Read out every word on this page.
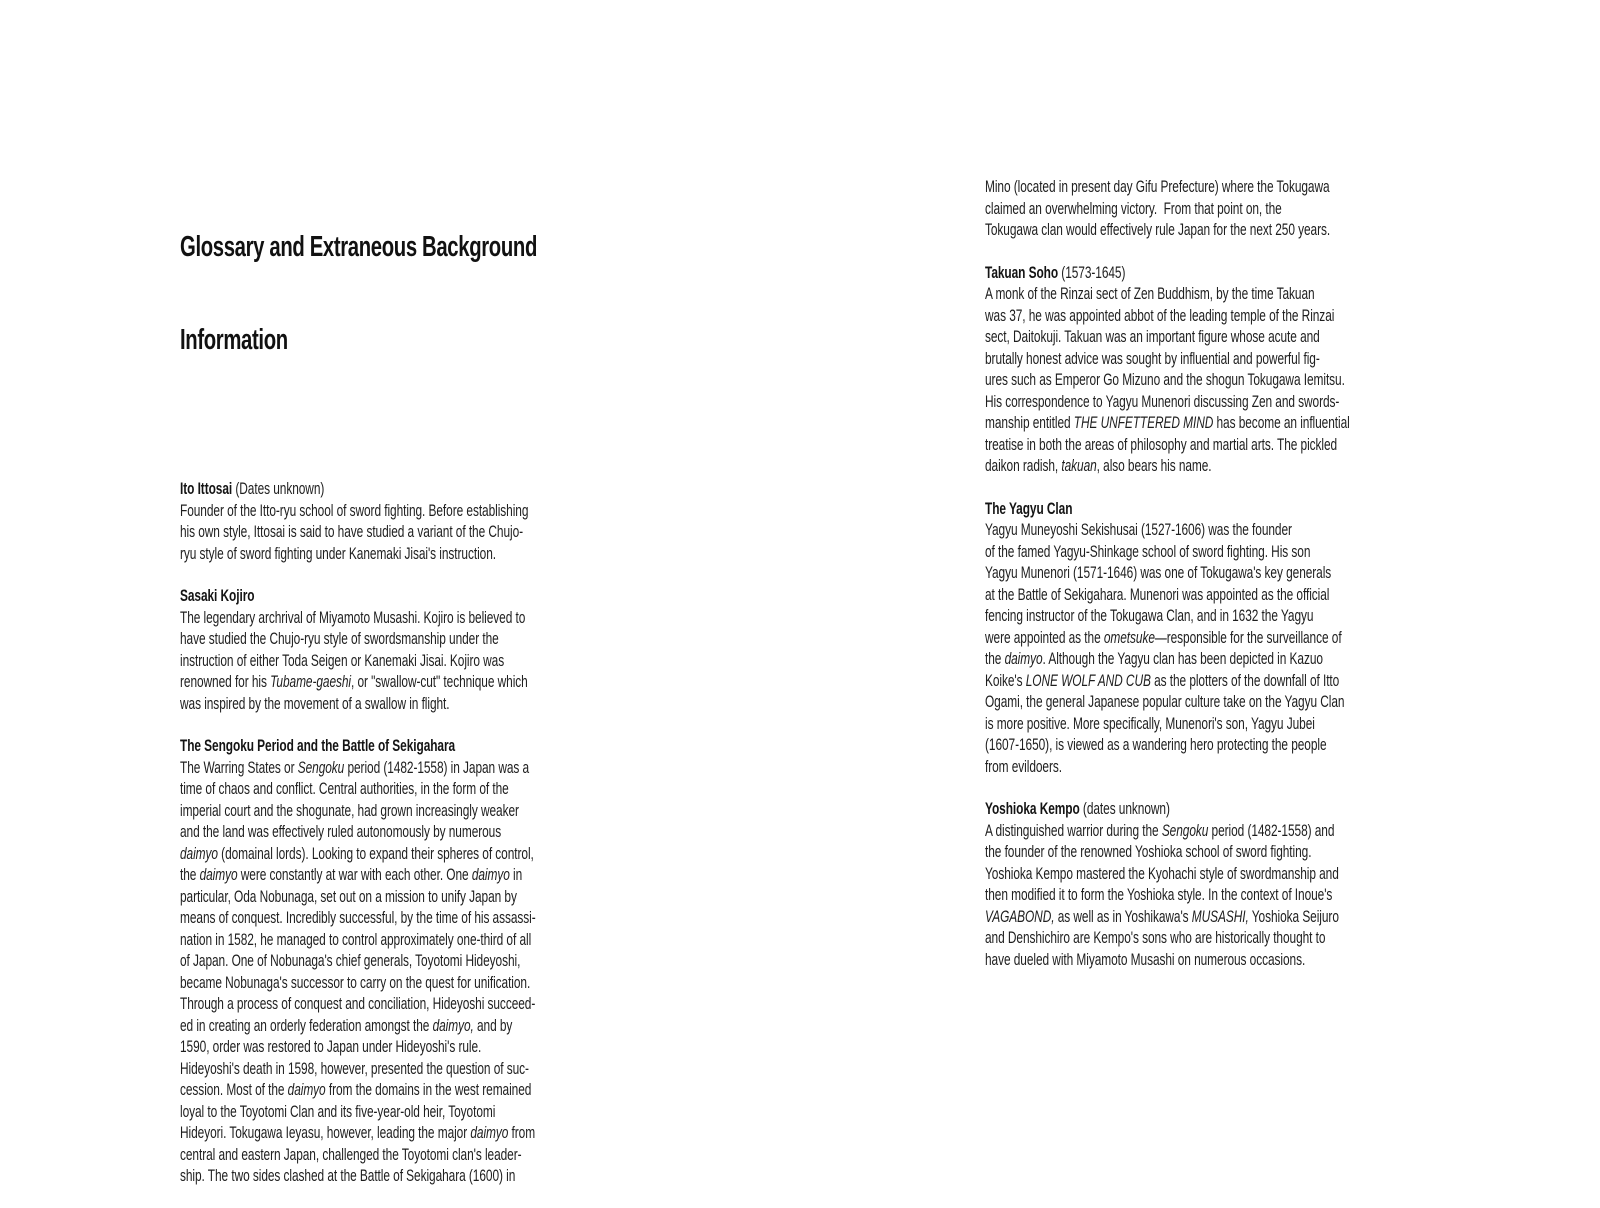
Glossary and Extraneous Background

Information

Ito Ittosai (Dates unknown)
Founder of the Itto-ryu school of sword fighting. Before establishing
his own style, Ittosai is said to have studied a variant of the Chujo-
ryu style of sword fighting under Kanemaki Jisai's instruction.
Sasaki Kojiro
The legendary archrival of Miyamoto Musashi. Kojiro is believed to
have studied the Chujo-ryu style of swordsmanship under the
instruction of either Toda Seigen or Kanemaki Jisai. Kojiro was
renowned for his Tubame-gaeshi, or "swallow-cut" technique which
was inspired by the movement of a swallow in flight.
The Sengoku Period and the Battle of Sekigahara
The Warring States or Sengoku period (1482-1558) in Japan was a
time of chaos and conflict. Central authorities, in the form of the
imperial court and the shogunate, had grown increasingly weaker
and the land was effectively ruled autonomously by numerous
daimyo (domainal lords). Looking to expand their spheres of control,
the daimyo were constantly at war with each other. One daimyo in
particular, Oda Nobunaga, set out on a mission to unify Japan by
means of conquest. Incredibly successful, by the time of his assassi-
nation in 1582, he managed to control approximately one-third of all
of Japan. One of Nobunaga's chief generals, Toyotomi Hideyoshi,
became Nobunaga's successor to carry on the quest for unification.
Through a process of conquest and conciliation, Hideyoshi succeed-
ed in creating an orderly federation amongst the daimyo, and by
1590, order was restored to Japan under Hideyoshi's rule.
Hideyoshi's death in 1598, however, presented the question of suc-
cession. Most of the daimyo from the domains in the west remained
loyal to the Toyotomi Clan and its five-year-old heir, Toyotomi
Hideyori. Tokugawa Ieyasu, however, leading the major daimyo from
central and eastern Japan, challenged the Toyotomi clan's leader-
ship. The two sides clashed at the Battle of Sekigahara (1600) in
Mino (located in present day Gifu Prefecture) where the Tokugawa
claimed an overwhelming victory.  From that point on, the
Tokugawa clan would effectively rule Japan for the next 250 years.
Takuan Soho (1573-1645)
A monk of the Rinzai sect of Zen Buddhism, by the time Takuan
was 37, he was appointed abbot of the leading temple of the Rinzai
sect, Daitokuji. Takuan was an important figure whose acute and
brutally honest advice was sought by influential and powerful fig-
ures such as Emperor Go Mizuno and the shogun Tokugawa Iemitsu.
His correspondence to Yagyu Munenori discussing Zen and swords-
manship entitled THE UNFETTERED MIND has become an influential
treatise in both the areas of philosophy and martial arts. The pickled
daikon radish, takuan, also bears his name.
The Yagyu Clan
Yagyu Muneyoshi Sekishusai (1527-1606) was the founder
of the famed Yagyu-Shinkage school of sword fighting. His son
Yagyu Munenori (1571-1646) was one of Tokugawa's key generals
at the Battle of Sekigahara. Munenori was appointed as the official
fencing instructor of the Tokugawa Clan, and in 1632 the Yagyu
were appointed as the ometsuke—responsible for the surveillance of
the daimyo. Although the Yagyu clan has been depicted in Kazuo
Koike's LONE WOLF AND CUB as the plotters of the downfall of Itto
Ogami, the general Japanese popular culture take on the Yagyu Clan
is more positive. More specifically, Munenori's son, Yagyu Jubei
(1607-1650), is viewed as a wandering hero protecting the people
from evildoers.
Yoshioka Kempo (dates unknown)
A distinguished warrior during the Sengoku period (1482-1558) and
the founder of the renowned Yoshioka school of sword fighting.
Yoshioka Kempo mastered the Kyohachi style of swordmanship and
then modified it to form the Yoshioka style. In the context of Inoue's
VAGABOND, as well as in Yoshikawa's MUSASHI, Yoshioka Seijuro
and Denshichiro are Kempo's sons who are historically thought to
have dueled with Miyamoto Musashi on numerous occasions.
